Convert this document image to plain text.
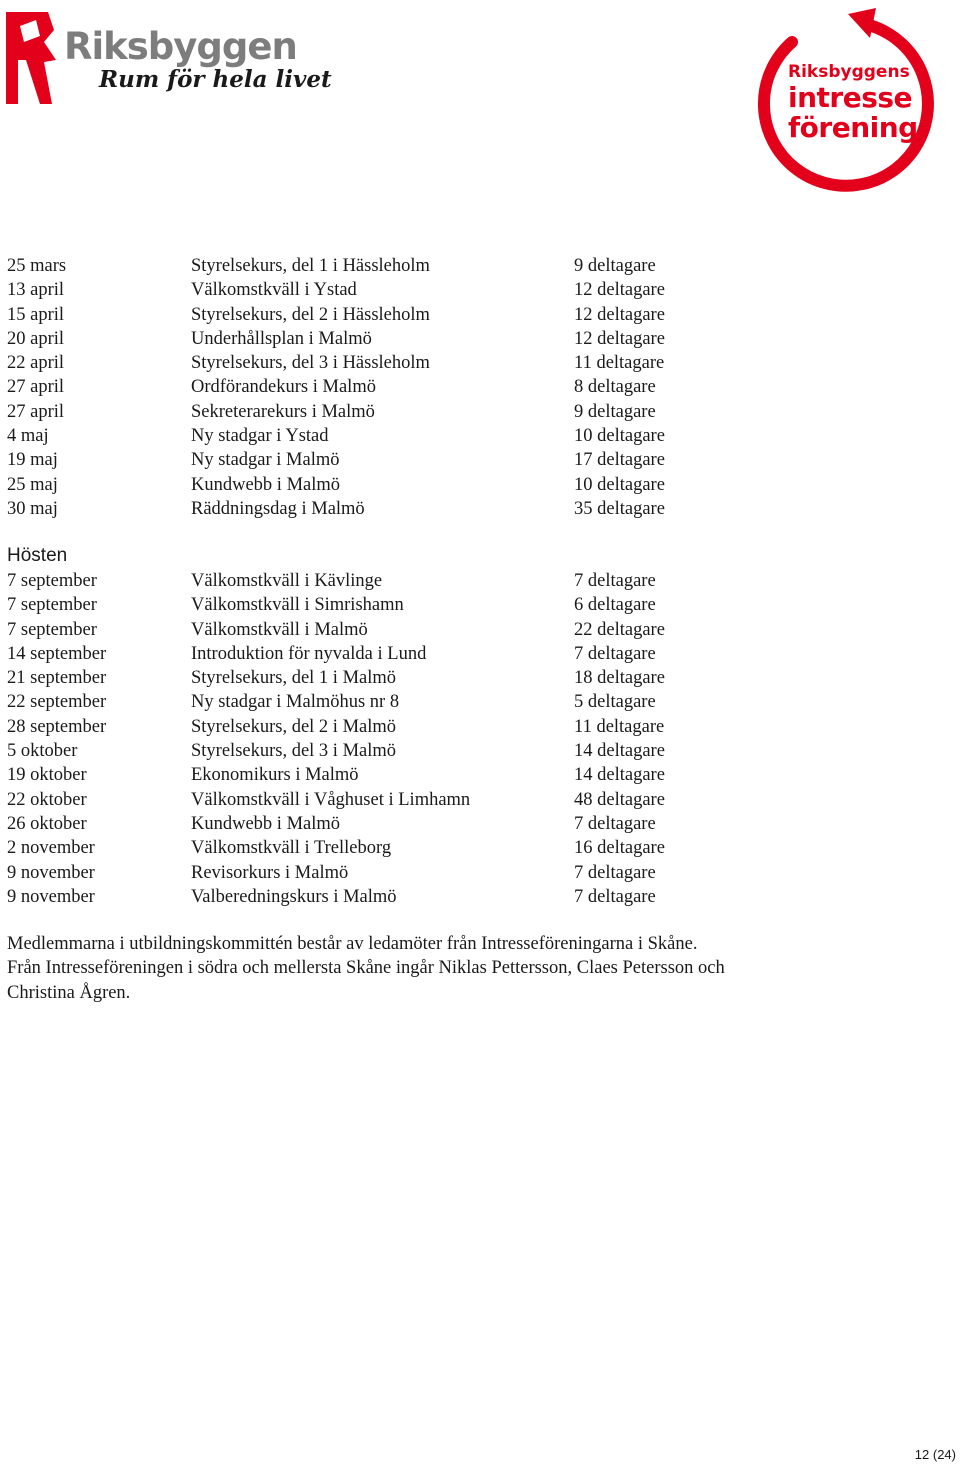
Riksbyggen
Rum för hela livet	Riksbyggens
intresse
förening
25 mars	Styrelsekurs, del 1 i Hässleholm	9 deltagare
13 april	Välkomstkväll i Ystad	12 deltagare
15 april	Styrelsekurs, del 2 i Hässleholm	12 deltagare
20 april	Underhållsplan i Malmö	12 deltagare
22 april	Styrelsekurs, del 3 i Hässleholm	11 deltagare
27 april	Ordförandekurs i Malmö	8 deltagare
27 april	Sekreterarekurs i Malmö	9 deltagare
4 maj	Ny stadgar i Ystad	10 deltagare
19 maj	Ny stadgar i Malmö	17 deltagare
25 maj	Kundwebb i Malmö	10 deltagare
30 maj	Räddningsdag i Malmö	35 deltagare
Hösten
7 september	Välkomstkväll i Kävlinge	7 deltagare
7 september	Välkomstkväll i Simrishamn	6 deltagare
7 september	Välkomstkväll i Malmö	22 deltagare
14 september	Introduktion för nyvalda i Lund	7 deltagare
21 september	Styrelsekurs, del 1 i Malmö	18 deltagare
22 september	Ny stadgar i Malmöhus nr 8	5 deltagare
28 september	Styrelsekurs, del 2 i Malmö	11 deltagare
5 oktober	Styrelsekurs, del 3 i Malmö	14 deltagare
19 oktober	Ekonomikurs i Malmö	14 deltagare
22 oktober	Välkomstkväll i Våghuset i Limhamn	48 deltagare
26 oktober	Kundwebb i Malmö	7 deltagare
2 november	Välkomstkväll i Trelleborg	16 deltagare
9 november	Revisorkurs i Malmö	7 deltagare
9 november	Valberedningskurs i Malmö	7 deltagare
Medlemmarna i utbildningskommittén består av ledamöter från Intresseföreningarna i Skåne. Från Intresseföreningen i södra och mellersta Skåne ingår Niklas Pettersson, Claes Petersson och Christina Ågren.
12 (24)
